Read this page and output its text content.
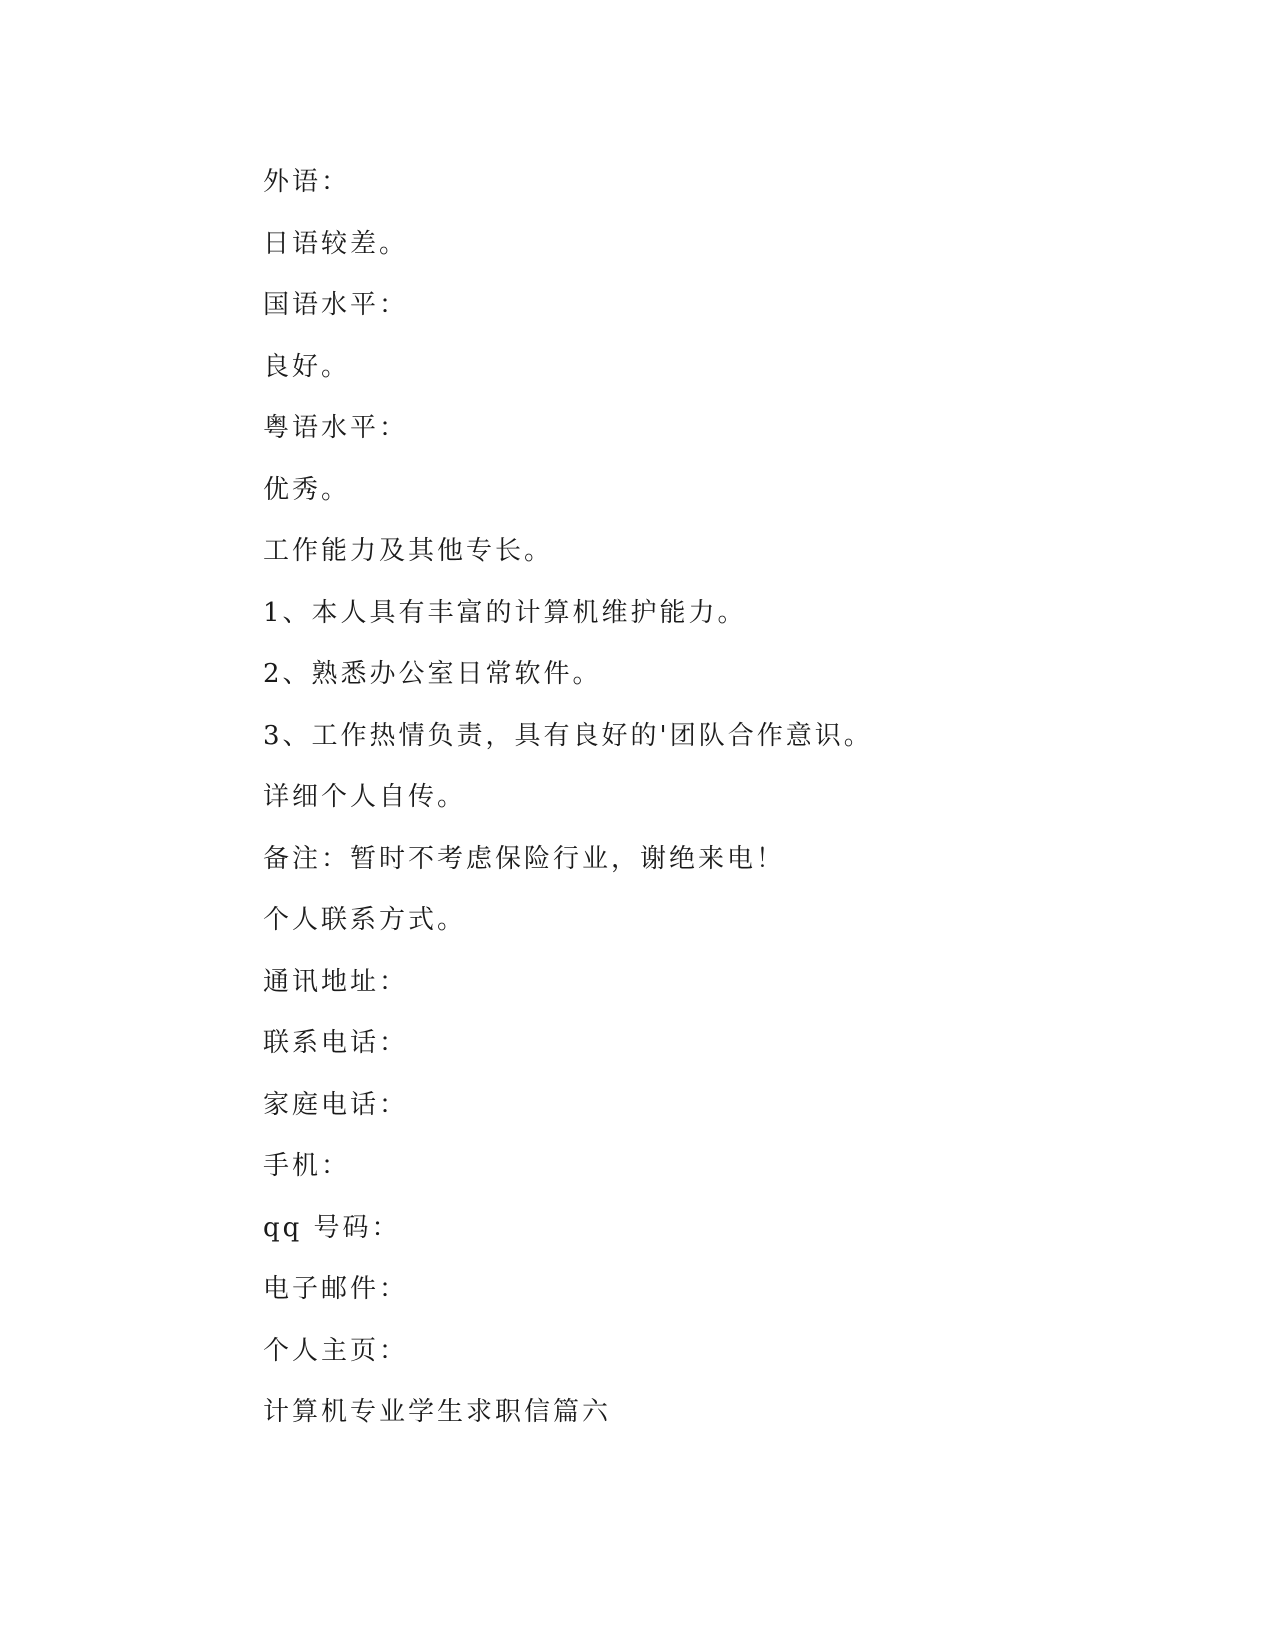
外语：
日语较差。
国语水平：
良好。
粤语水平：
优秀。
工作能力及其他专长。
1、本人具有丰富的计算机维护能力。
2、熟悉办公室日常软件。
3、工作热情负责，具有良好的'团队合作意识。
详细个人自传。
备注：暂时不考虑保险行业，谢绝来电！
个人联系方式。
通讯地址：
联系电话：
家庭电话：
手机：
qq 号码：
电子邮件：
个人主页：
计算机专业学生求职信篇六
